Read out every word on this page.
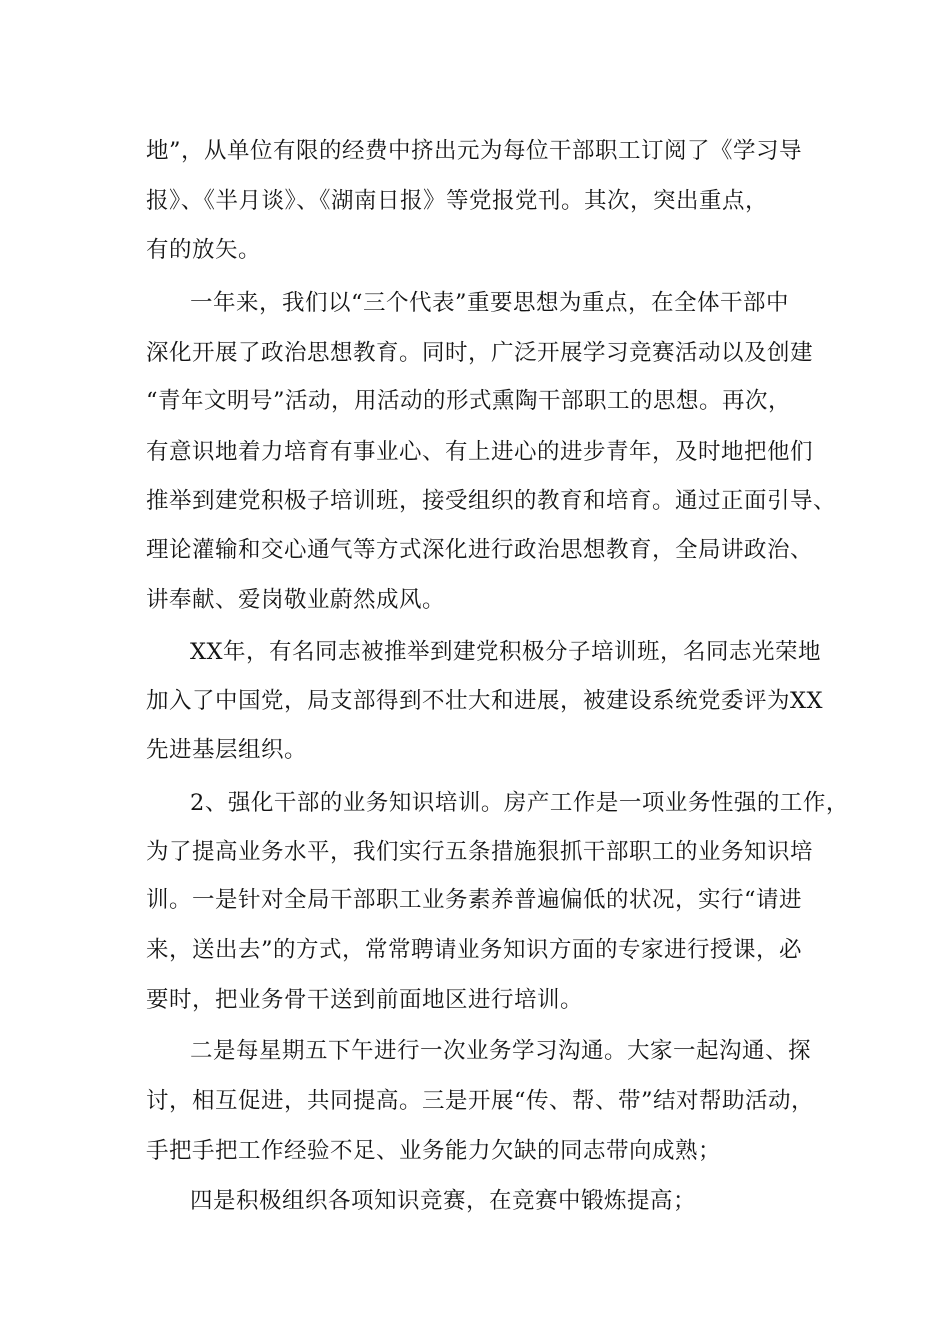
地”，从单位有限的经费中挤出元为每位干部职工订阅了《学习导
报》、《半月谈》、《湖南日报》等党报党刊。其次，突出重点，
有的放矢。
一年来，我们以“三个代表”重要思想为重点，在全体干部中
深化开展了政治思想教育。同时，广泛开展学习竞赛活动以及创建
“青年文明号”活动，用活动的形式熏陶干部职工的思想。再次，
有意识地着力培育有事业心、有上进心的进步青年，及时地把他们
推举到建党积极子培训班，接受组织的教育和培育。通过正面引导、
理论灌输和交心通气等方式深化进行政治思想教育，全局讲政治、
讲奉献、爱岗敬业蔚然成风。
XX年，有名同志被推举到建党积极分子培训班，名同志光荣地
加入了中国党，局支部得到不壮大和进展，被建设系统党委评为XX
先进基层组织。
2、强化干部的业务知识培训。房产工作是一项业务性强的工作，
为了提高业务水平，我们实行五条措施狠抓干部职工的业务知识培
训。一是针对全局干部职工业务素养普遍偏低的状况，实行“请进
来，送出去”的方式，常常聘请业务知识方面的专家进行授课，必
要时，把业务骨干送到前面地区进行培训。
二是每星期五下午进行一次业务学习沟通。大家一起沟通、探
讨，相互促进，共同提高。三是开展“传、帮、带”结对帮助活动，
手把手把工作经验不足、业务能力欠缺的同志带向成熟；
四是积极组织各项知识竞赛，在竞赛中锻炼提高；
